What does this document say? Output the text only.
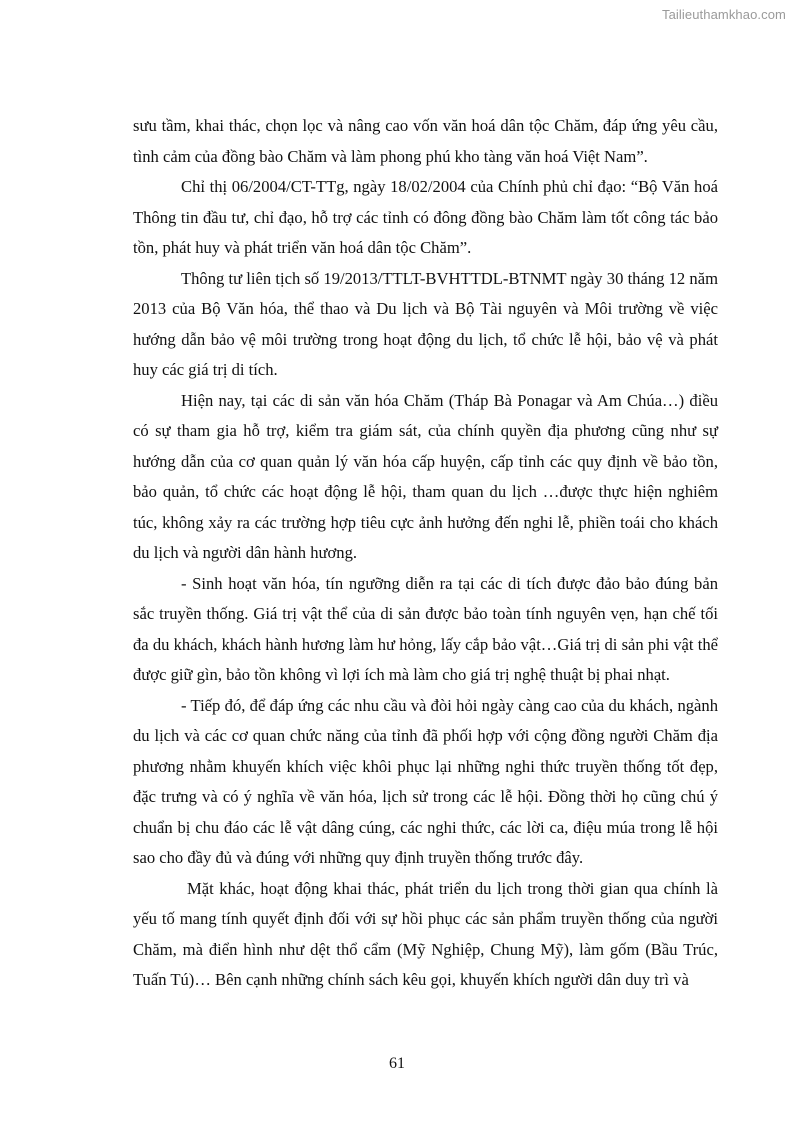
Tailieuthamkhao.com

sưu tầm, khai thác, chọn lọc và nâng cao vốn văn hoá dân tộc Chăm, đáp ứng yêu cầu, tình cảm của đồng bào Chăm và làm phong phú kho tàng văn hoá Việt Nam”.

Chỉ thị 06/2004/CT-TTg, ngày 18/02/2004 của Chính phủ chỉ đạo: “Bộ Văn hoá Thông tin đầu tư, chỉ đạo, hỗ trợ các tỉnh có đông đồng bào Chăm làm tốt công tác bảo tồn, phát huy và phát triển văn hoá dân tộc Chăm”.

Thông tư liên tịch số 19/2013/TTLT-BVHTTDL-BTNMT ngày 30 tháng 12 năm 2013 của Bộ Văn hóa, thể thao và Du lịch và Bộ Tài nguyên và Môi trường về việc hướng dẫn bảo vệ môi trường trong hoạt động du lịch, tổ chức lễ hội, bảo vệ và phát huy các giá trị di tích.

Hiện nay, tại các di sản văn hóa Chăm (Tháp Bà Ponagar và Am Chúa…) điều có sự tham gia hỗ trợ, kiểm tra giám sát, của chính quyền địa phương cũng như sự hướng dẫn của cơ quan quản lý văn hóa cấp huyện, cấp tỉnh các quy định về bảo tồn, bảo quản, tổ chức các hoạt động lễ hội, tham quan du lịch …được thực hiện nghiêm túc, không xảy ra các trường hợp tiêu cực ảnh hưởng đến nghi lễ, phiền toái cho khách du lịch và người dân hành hương.

- Sinh hoạt văn hóa, tín ngưỡng diễn ra tại các di tích được đảo bảo đúng bản sắc truyền thống. Giá trị vật thể của di sản được bảo toàn tính nguyên vẹn, hạn chế tối đa du khách, khách hành hương làm hư hỏng, lấy cắp bảo vật…Giá trị di sản phi vật thể được giữ gìn, bảo tồn không vì lợi ích mà làm cho giá trị nghệ thuật bị phai nhạt.

- Tiếp đó, để đáp ứng các nhu cầu và đòi hỏi ngày càng cao của du khách, ngành du lịch và các cơ quan chức năng của tỉnh đã phối hợp với cộng đồng người Chăm địa phương nhằm khuyến khích việc khôi phục lại những nghi thức truyền thống tốt đẹp, đặc trưng và có ý nghĩa về văn hóa, lịch sử trong các lễ hội. Đồng thời họ cũng chú ý chuẩn bị chu đáo các lễ vật dâng cúng, các nghi thức, các lời ca, điệu múa trong lễ hội sao cho đầy đủ và đúng với những quy định truyền thống trước đây.

Mặt khác, hoạt động khai thác, phát triển du lịch trong thời gian qua chính là yếu tố mang tính quyết định đối với sự hồi phục các sản phẩm truyền thống của người Chăm, mà điển hình như dệt thổ cẩm (Mỹ Nghiệp, Chung Mỹ), làm gốm (Bầu Trúc, Tuấn Tú)… Bên cạnh những chính sách kêu gọi, khuyến khích người dân duy trì và

61
